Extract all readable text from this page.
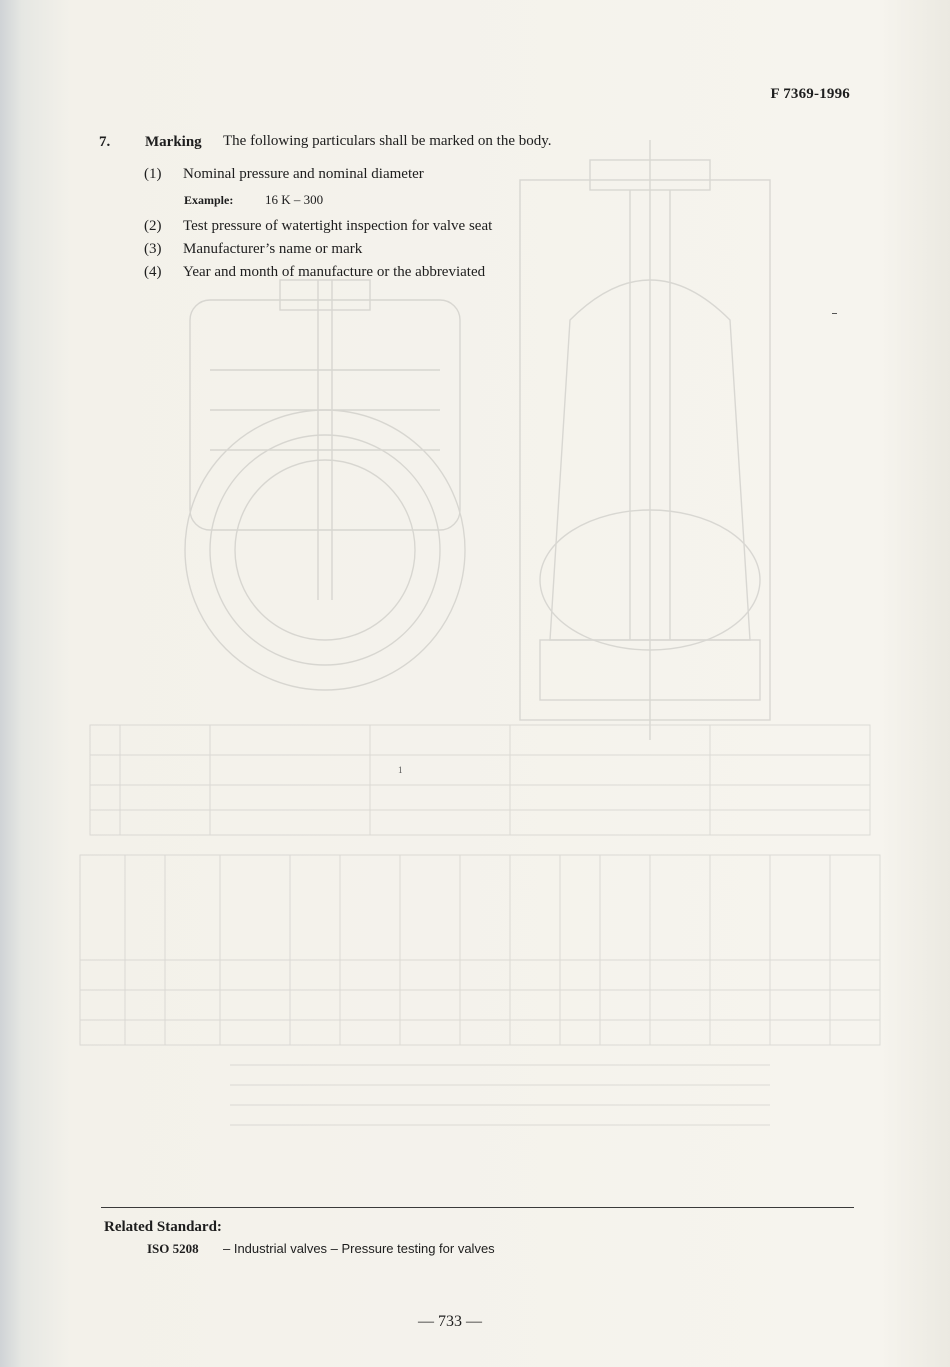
F 7369-1996
7. Marking The following particulars shall be marked on the body.
(1) Nominal pressure and nominal diameter
Example: 16 K – 300
(2) Test pressure of watertight inspection for valve seat
(3) Manufacturer’s name or mark
(4) Year and month of manufacture or the abbreviated
1
Related Standard:
ISO 5208 – Industrial valves – Pressure testing for valves
— 733 —
